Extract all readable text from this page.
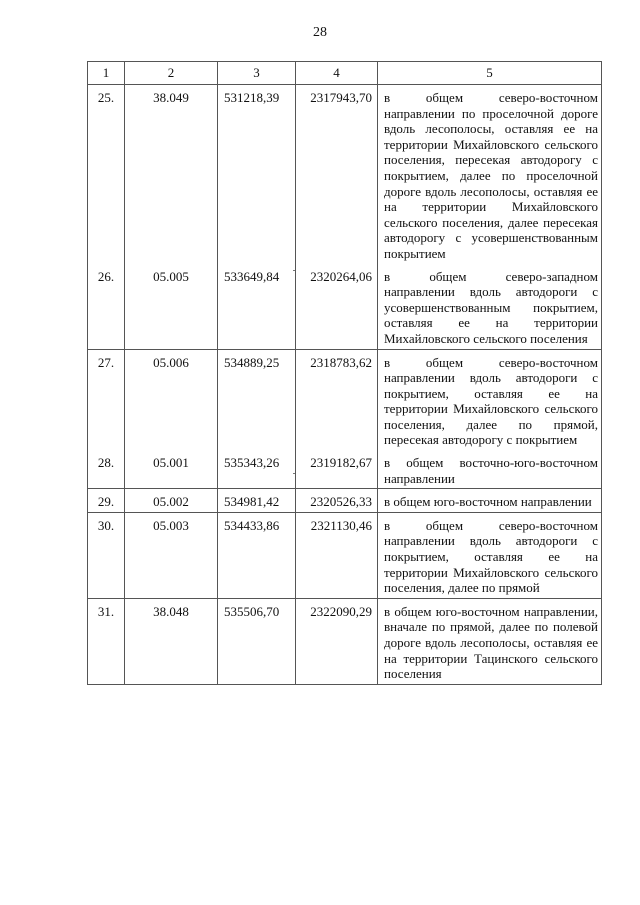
28
1	2	3	4	5
25.	38.049	531218,39	2317943,70	в общем северо-восточном направлении по проселочной дороге вдоль лесополосы, оставляя ее на территории Михайловского сельского поселения, пересекая автодорогу с покрытием, далее по проселочной дороге вдоль лесополосы, оставляя ее на территории Михайловского сельского поселения, далее пересекая автодорогу с усовершенствованным покрытием
26.	05.005	533649,84	2320264,06	в общем северо-западном направлении вдоль автодороги с усовершенствованным покрытием, оставляя ее на территории Михайловского сельского поселения
27.	05.006	534889,25	2318783,62	в общем северо-восточном направлении вдоль автодороги с покрытием, оставляя ее на территории Михайловского сельского поселения, далее по прямой, пересекая автодорогу с покрытием
28.	05.001	535343,26	2319182,67	в общем восточно-юго-восточном направлении
29.	05.002	534981,42	2320526,33	в общем юго-восточном направлении
30.	05.003	534433,86	2321130,46	в общем северо-восточном направлении вдоль автодороги с покрытием, оставляя ее на территории Михайловского сельского поселения, далее по прямой
31.	38.048	535506,70	2322090,29	в общем юго-восточном направлении, вначале по прямой, далее по полевой дороге вдоль лесополосы, оставляя ее на территории Тацинского сельского поселения
